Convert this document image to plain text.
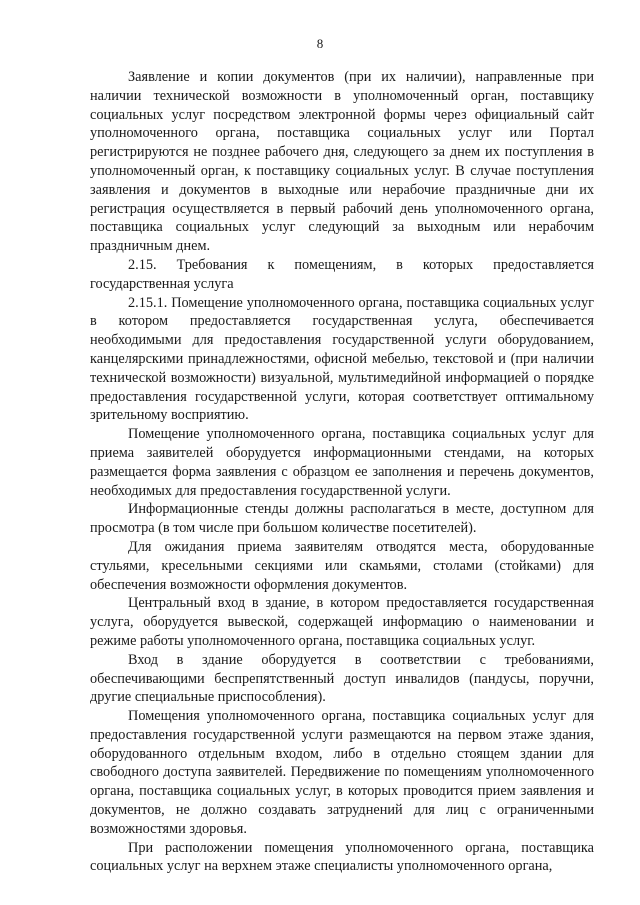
8

Заявление и копии документов (при их наличии), направленные при наличии технической возможности в уполномоченный орган, поставщику социальных услуг посредством электронной формы через официальный сайт уполномоченного органа, поставщика социальных услуг или Портал регистрируются не позднее рабочего дня, следующего за днем их поступления в уполномоченный орган, к поставщику социальных услуг. В случае поступления заявления и документов в выходные или нерабочие праздничные дни их регистрация осуществляется в первый рабочий день уполномоченного органа, поставщика социальных услуг следующий за выходным или нерабочим праздничным днем.

2.15. Требования к помещениям, в которых предоставляется государственная услуга

2.15.1. Помещение уполномоченного органа, поставщика социальных услуг в котором предоставляется государственная услуга, обеспечивается необходимыми для предоставления государственной услуги оборудованием, канцелярскими принадлежностями, офисной мебелью, текстовой и (при наличии технической возможности) визуальной, мультимедийной информацией о порядке предоставления государственной услуги, которая соответствует оптимальному зрительному восприятию.

Помещение уполномоченного органа, поставщика социальных услуг для приема заявителей оборудуется информационными стендами, на которых размещается форма заявления с образцом ее заполнения и перечень документов, необходимых для предоставления государственной услуги.

Информационные стенды должны располагаться в месте, доступном для просмотра (в том числе при большом количестве посетителей).

Для ожидания приема заявителям отводятся места, оборудованные стульями, кресельными секциями или скамьями, столами (стойками) для обеспечения возможности оформления документов.

Центральный вход в здание, в котором предоставляется государственная услуга, оборудуется вывеской, содержащей информацию о наименовании и режиме работы уполномоченного органа, поставщика социальных услуг.

Вход в здание оборудуется в соответствии с требованиями, обеспечивающими беспрепятственный доступ инвалидов (пандусы, поручни, другие специальные приспособления).

Помещения уполномоченного органа, поставщика социальных услуг для предоставления государственной услуги размещаются на первом этаже здания, оборудованного отдельным входом, либо в отдельно стоящем здании для свободного доступа заявителей. Передвижение по помещениям уполномоченного органа, поставщика социальных услуг, в которых проводится прием заявления и документов, не должно создавать затруднений для лиц с ограниченными возможностями здоровья.

При расположении помещения уполномоченного органа, поставщика социальных услуг на верхнем этаже специалисты уполномоченного органа,
